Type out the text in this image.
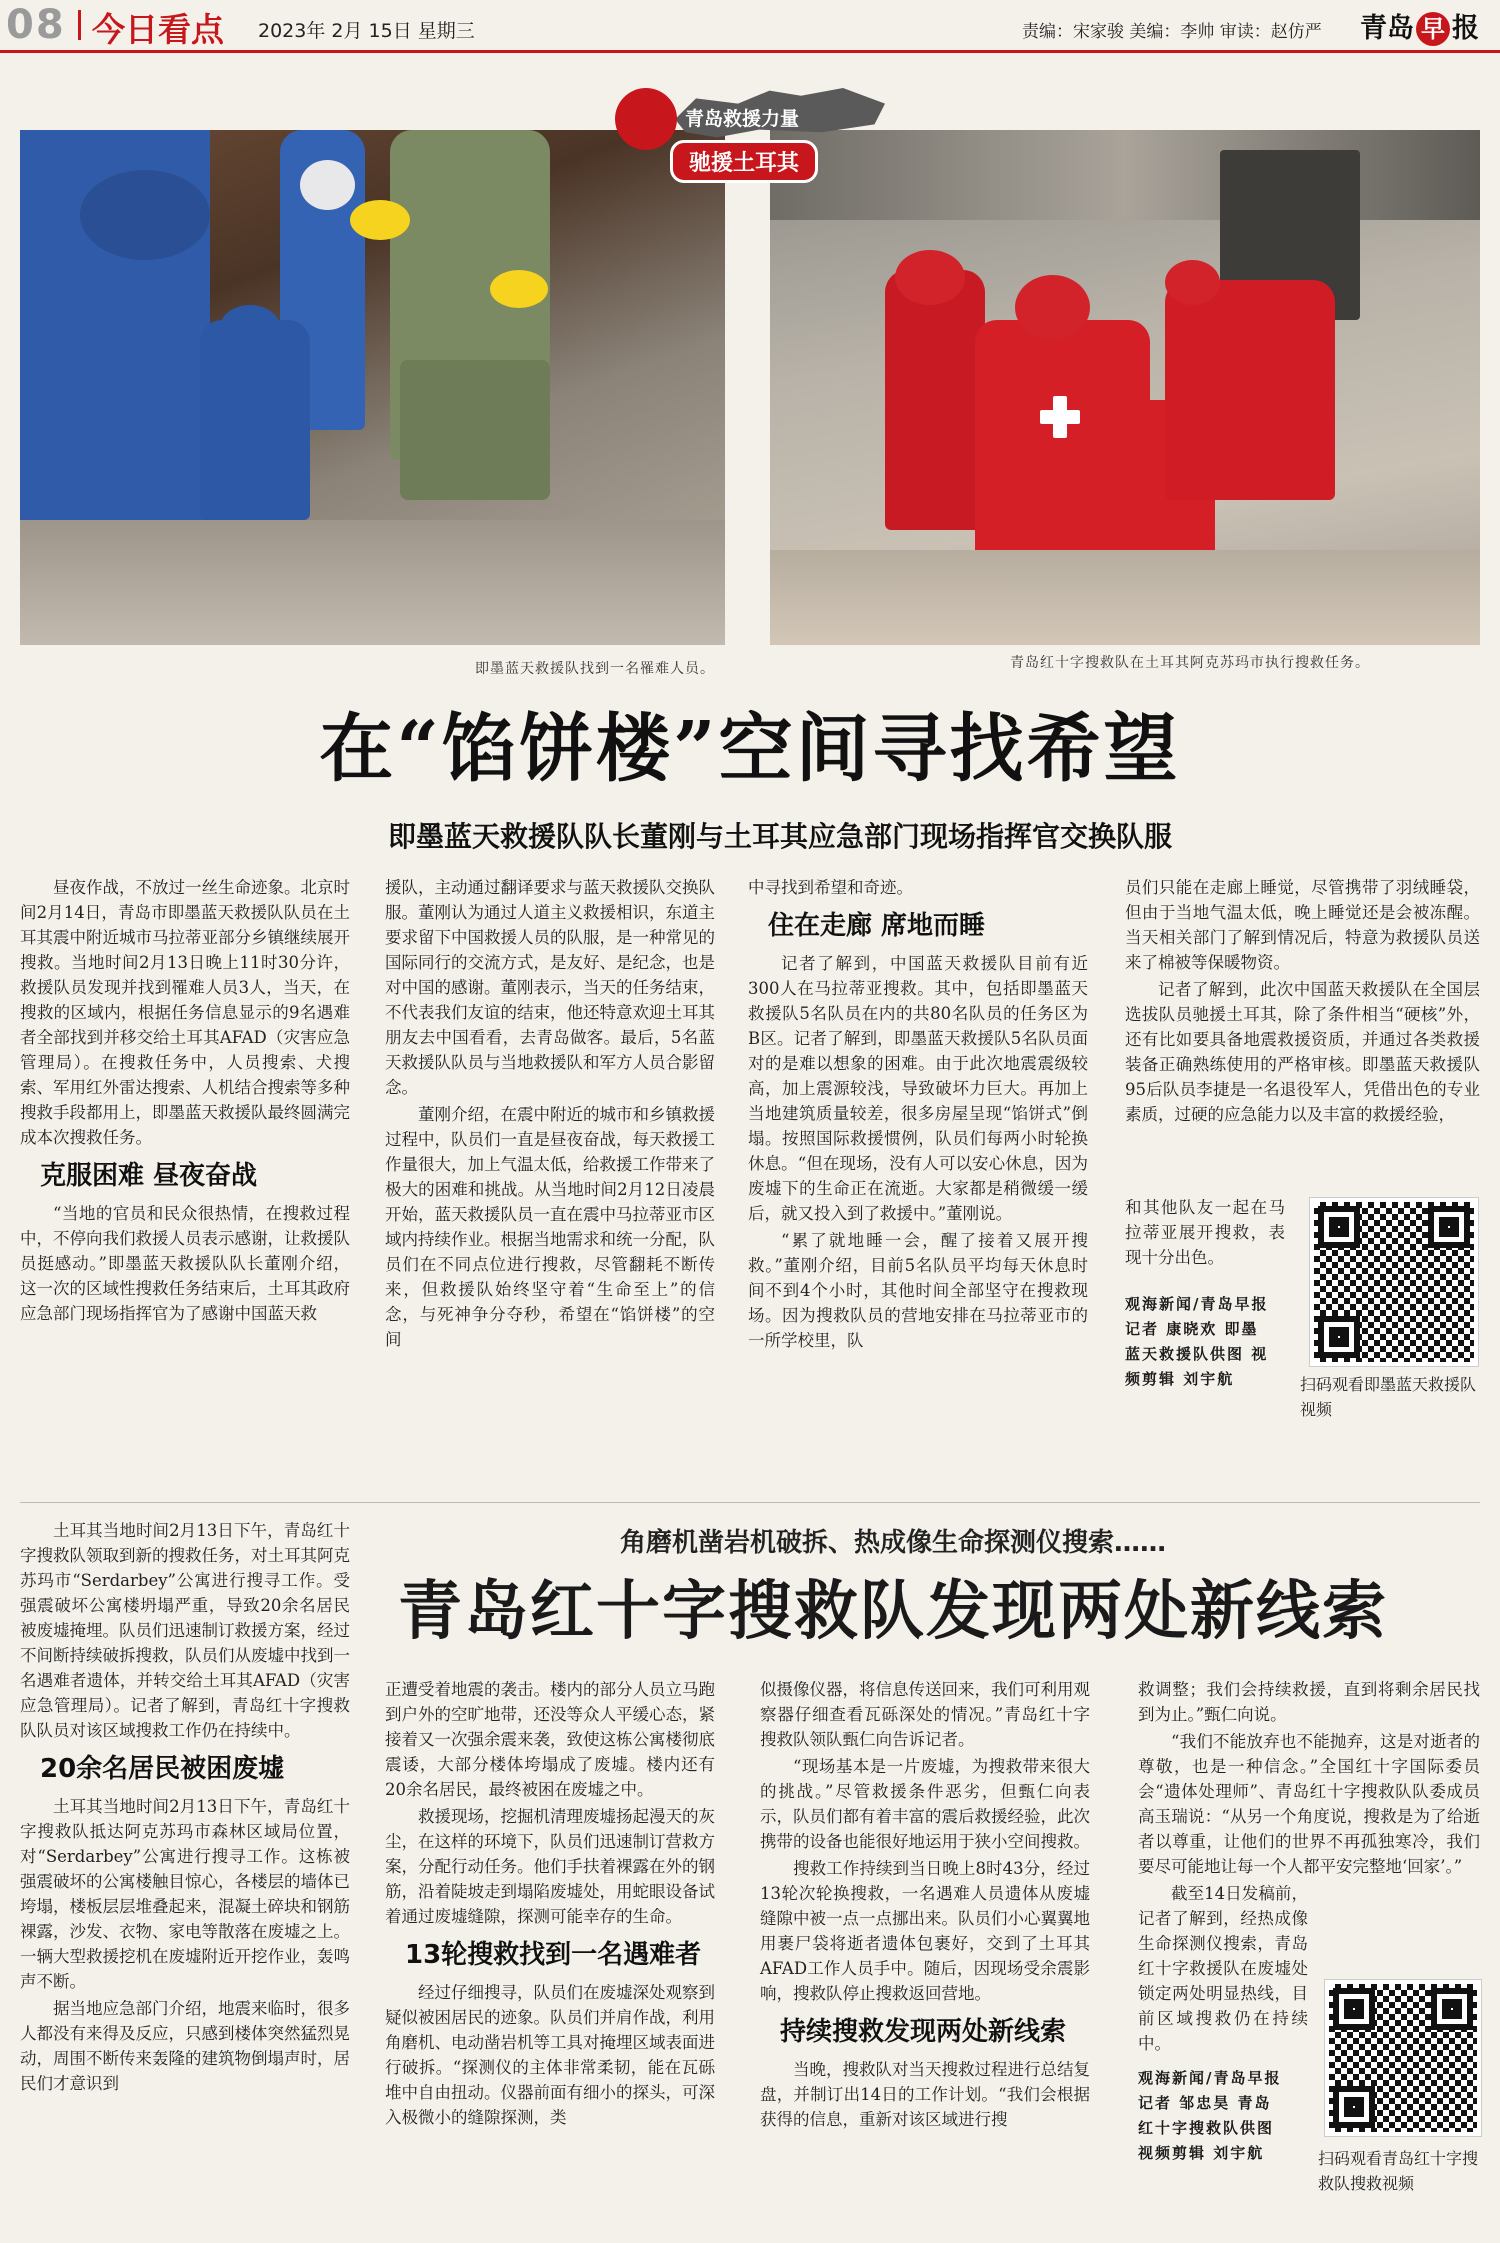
08 今日看点 2023年 2月 15日 星期三	责编：宋家骏 美编：李帅 审读：赵仿严 青岛 早 报
即墨蓝天救援队找到一名罹难人员。	青岛红十字搜救队在土耳其阿克苏玛市执行搜救任务。
青岛救援力量
驰援土耳其
在“馅饼楼”空间寻找希望
即墨蓝天救援队队长董刚与土耳其应急部门现场指挥官交换队服

昼夜作战，不放过一丝生命迹象。北京时间2月14日，青岛市即墨蓝天救援队队员在土耳其震中附近城市马拉蒂亚部分乡镇继续展开搜救。当地时间2月13日晚上11时30分许，救援队员发现并找到罹难人员3人，当天，在搜救的区域内，根据任务信息显示的9名遇难者全部找到并移交给土耳其AFAD（灾害应急管理局）。在搜救任务中，人员搜索、犬搜索、军用红外雷达搜索、人机结合搜索等多种搜救手段都用上，即墨蓝天救援队最终圆满完成本次搜救任务。

克服困难 昼夜奋战

“当地的官员和民众很热情，在搜救过程中，不停向我们救援人员表示感谢，让救援队员挺感动。”即墨蓝天救援队队长董刚介绍，这一次的区域性搜救任务结束后，土耳其政府应急部门现场指挥官为了感谢中国蓝天救

援队，主动通过翻译要求与蓝天救援队交换队服。董刚认为通过人道主义救援相识，东道主要求留下中国救援人员的队服，是一种常见的国际同行的交流方式，是友好、是纪念，也是对中国的感谢。董刚表示，当天的任务结束，不代表我们友谊的结束，他还特意欢迎土耳其朋友去中国看看，去青岛做客。最后，5名蓝天救援队队员与当地救援队和军方人员合影留念。

董刚介绍，在震中附近的城市和乡镇救援过程中，队员们一直是昼夜奋战，每天救援工作量很大，加上气温太低，给救援工作带来了极大的困难和挑战。从当地时间2月12日凌晨开始，蓝天救援队员一直在震中马拉蒂亚市区域内持续作业。根据当地需求和统一分配，队员们在不同点位进行搜救，尽管翻耗不断传来，但救援队始终坚守着“生命至上”的信念，与死神争分夺秒，希望在“馅饼楼”的空间

中寻找到希望和奇迹。

住在走廊 席地而睡

记者了解到，中国蓝天救援队目前有近300人在马拉蒂亚搜救。其中，包括即墨蓝天救援队5名队员在内的共80名队员的任务区为B区。记者了解到，即墨蓝天救援队5名队员面对的是难以想象的困难。由于此次地震震级较高，加上震源较浅，导致破坏力巨大。再加上当地建筑质量较差，很多房屋呈现“馅饼式”倒塌。按照国际救援惯例，队员们每两小时轮换休息。“但在现场，没有人可以安心休息，因为废墟下的生命正在流逝。大家都是稍微缓一缓后，就又投入到了救援中。”董刚说。

“累了就地睡一会，醒了接着又展开搜救。”董刚介绍，目前5名队员平均每天休息时间不到4个小时，其他时间全部坚守在搜救现场。因为搜救队员的营地安排在马拉蒂亚市的一所学校里，队

员们只能在走廊上睡觉，尽管携带了羽绒睡袋，但由于当地气温太低，晚上睡觉还是会被冻醒。当天相关部门了解到情况后，特意为救援队员送来了棉被等保暖物资。

记者了解到，此次中国蓝天救援队在全国层选拔队员驰援土耳其，除了条件相当“硬核”外，还有比如要具备地震救援资质，并通过各类救援装备正确熟练使用的严格审核。即墨蓝天救援队95后队员李捷是一名退役军人，凭借出色的专业素质，过硬的应急能力以及丰富的救援经验，

和其他队友一起在马拉蒂亚展开搜救，表现十分出色。

观海新闻/青岛早报记者 康晓欢 即墨蓝天救援队供图 视频剪辑 刘宇航	扫码观看即墨蓝天救援队视频

土耳其当地时间2月13日下午，青岛红十字搜救队领取到新的搜救任务，对土耳其阿克苏玛市“Serdarbey”公寓进行搜寻工作。受强震破坏公寓楼坍塌严重，导致20余名居民被废墟掩埋。队员们迅速制订救援方案，经过不间断持续破拆搜救，队员们从废墟中找到一名遇难者遗体，并转交给土耳其AFAD（灾害应急管理局）。记者了解到，青岛红十字搜救队队员对该区域搜救工作仍在持续中。

20余名居民被困废墟

土耳其当地时间2月13日下午，青岛红十字搜救队抵达阿克苏玛市森林区域局位置，对“Serdarbey”公寓进行搜寻工作。这栋被强震破坏的公寓楼触目惊心，各楼层的墙体已垮塌，楼板层层堆叠起来，混凝土碎块和钢筋裸露，沙发、衣物、家电等散落在废墟之上。一辆大型救援挖机在废墟附近开挖作业，轰鸣声不断。

据当地应急部门介绍，地震来临时，很多人都没有来得及反应，只感到楼体突然猛烈晃动，周围不断传来轰隆的建筑物倒塌声时，居民们才意识到

角磨机凿岩机破拆、热成像生命探测仪搜索……
青岛红十字搜救队发现两处新线索

正遭受着地震的袭击。楼内的部分人员立马跑到户外的空旷地带，还没等众人平缓心态，紧接着又一次强余震来袭，致使这栋公寓楼彻底震诿，大部分楼体垮塌成了废墟。楼内还有20余名居民，最终被困在废墟之中。

救援现场，挖掘机清理废墟扬起漫天的灰尘，在这样的环境下，队员们迅速制订营救方案，分配行动任务。他们手扶着裸露在外的钢筋，沿着陡坡走到塌陷废墟处，用蛇眼设备试着通过废墟缝隙，探测可能幸存的生命。

13轮搜救找到一名遇难者

经过仔细搜寻，队员们在废墟深处观察到疑似被困居民的迹象。队员们并肩作战，利用角磨机、电动凿岩机等工具对掩埋区域表面进行破拆。“探测仪的主体非常柔韧，能在瓦砾堆中自由扭动。仪器前面有细小的探头，可深入极微小的缝隙探测，类

似摄像仪器，将信息传送回来，我们可利用观察器仔细查看瓦砾深处的情况。”青岛红十字搜救队领队甄仁向告诉记者。

“现场基本是一片废墟，为搜救带来很大的挑战。”尽管救援条件恶劣，但甄仁向表示，队员们都有着丰富的震后救援经验，此次携带的设备也能很好地运用于狭小空间搜救。

搜救工作持续到当日晚上8时43分，经过13轮次轮换搜救，一名遇难人员遗体从废墟缝隙中被一点一点挪出来。队员们小心翼翼地用裹尸袋将逝者遗体包裹好，交到了土耳其AFAD工作人员手中。随后，因现场受余震影响，搜救队停止搜救返回营地。

持续搜救发现两处新线索

当晚，搜救队对当天搜救过程进行总结复盘，并制订出14日的工作计划。“我们会根据获得的信息，重新对该区域进行搜

救调整；我们会持续救援，直到将剩余居民找到为止。”甄仁向说。

“我们不能放弃也不能抛弃，这是对逝者的尊敬，也是一种信念。”全国红十字国际委员会“遗体处理师”、青岛红十字搜救队队委成员高玉瑞说：“从另一个角度说，搜救是为了给逝者以尊重，让他们的世界不再孤独寒冷，我们要尽可能地让每一个人都平安完整地‘回家’。”

截至14日发稿前，记者了解到，经热成像生命探测仪搜索，青岛红十字救援队在废墟处锁定两处明显热线，目前区域搜救仍在持续中。

观海新闻/青岛早报记者 邹忠昊 青岛红十字搜救队供图 视频剪辑 刘宇航	扫码观看青岛红十字搜救队搜救视频
